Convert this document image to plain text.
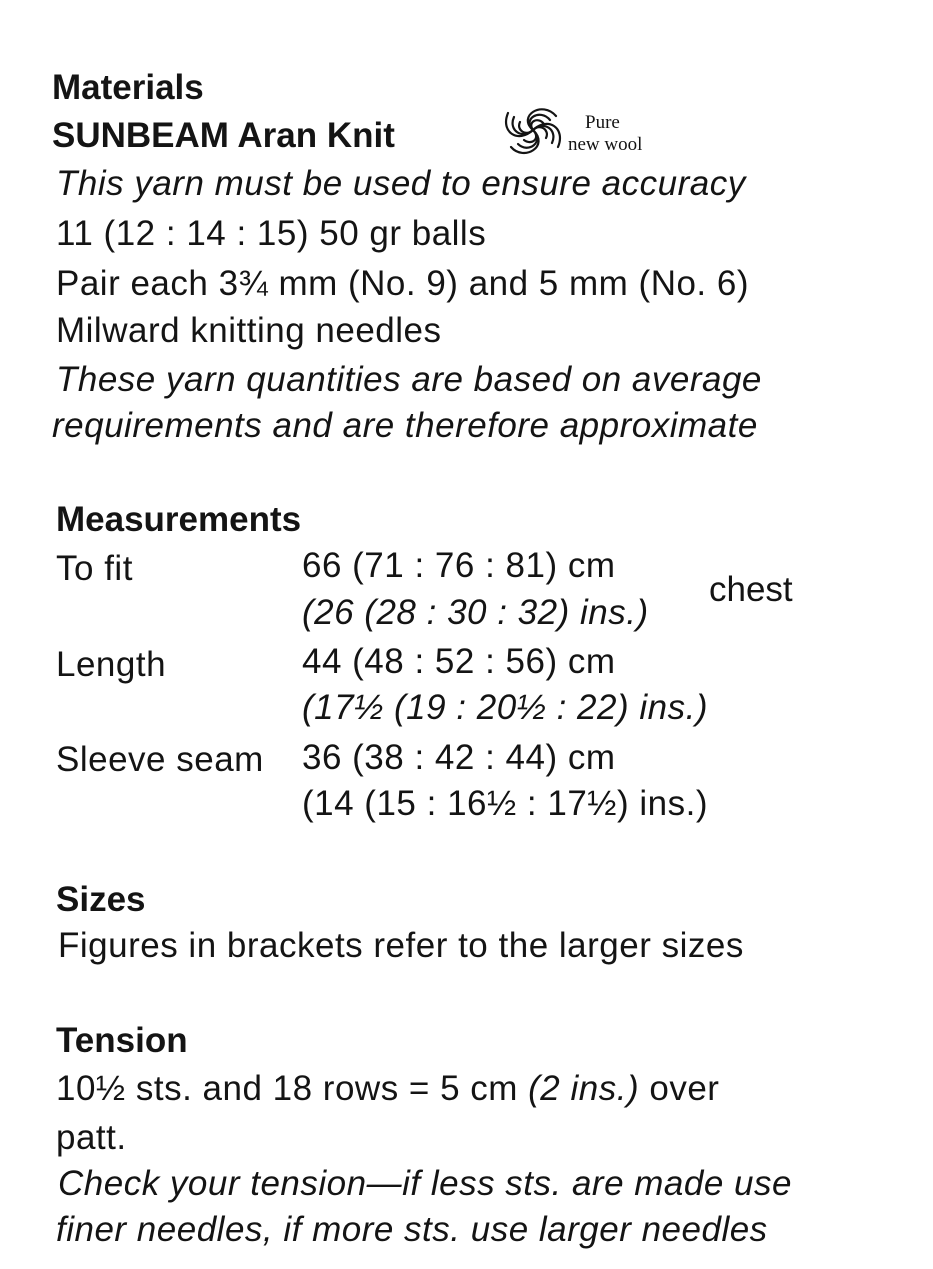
Materials
SUNBEAM Aran Knit	Pure
new wool
This yarn must be used to ensure accuracy
11 (12 : 14 : 15) 50 gr balls
Pair each 3¾ mm (No. 9) and 5 mm (No. 6)
Milward knitting needles
These yarn quantities are based on average
requirements and are therefore approximate
Measurements
To fit	66 (71 : 76 : 81) cm
(26 (28 : 30 : 32) ins.)
chest
Length	44 (48 : 52 : 56) cm
(17½ (19 : 20½ : 22) ins.)
Sleeve seam 36 (38 : 42 : 44) cm
(14 (15 : 16½ : 17½) ins.)
Sizes
Figures in brackets refer to the larger sizes
Tension
10½ sts. and 18 rows = 5 cm (2 ins.) over
patt.
Check your tension—if less sts. are made use
finer needles, if more sts. use larger needles
